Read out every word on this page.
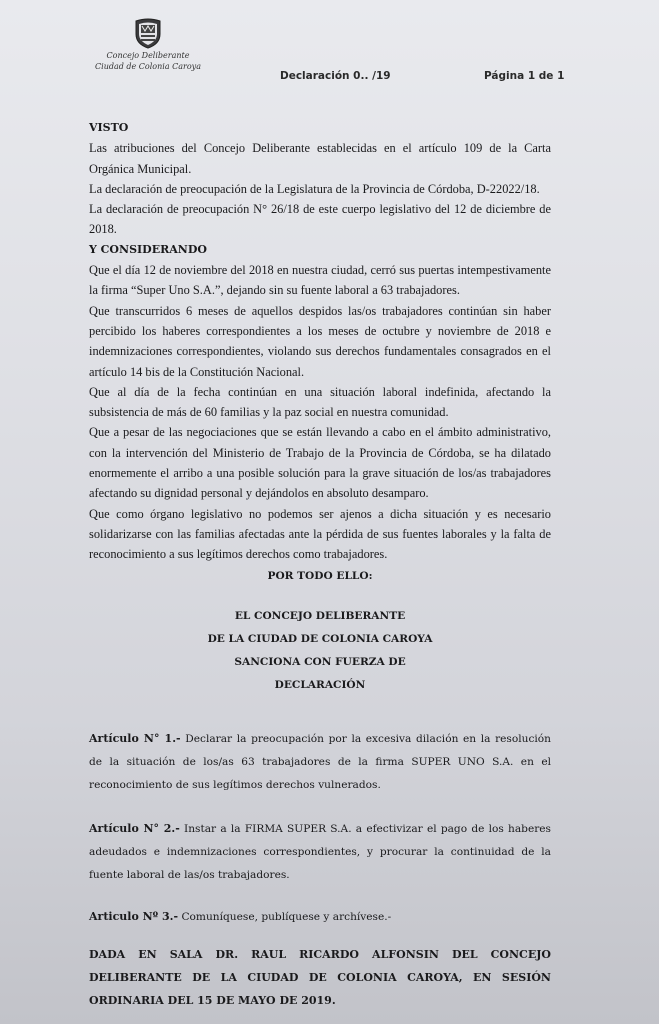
Concejo Deliberante
Ciudad de Colonia Caroya
Declaración 0.. /19	Página 1 de 1
VISTO

Las atribuciones del Concejo Deliberante establecidas en el artículo 109 de la Carta Orgánica Municipal.

La declaración de preocupación de la Legislatura de la Provincia de Córdoba, D-22022/18.

La declaración de preocupación N° 26/18 de este cuerpo legislativo del 12 de diciembre de 2018.

Y CONSIDERANDO

Que el día 12 de noviembre del 2018 en nuestra ciudad, cerró sus puertas intempestivamente la firma “Super Uno S.A.”, dejando sin su fuente laboral a 63 trabajadores.

Que transcurridos 6 meses de aquellos despidos las/os trabajadores continúan sin haber percibido los haberes correspondientes a los meses de octubre y noviembre de 2018 e indemnizaciones correspondientes, violando sus derechos fundamentales consagrados en el artículo 14 bis de la Constitución Nacional.

Que al día de la fecha continúan en una situación laboral indefinida, afectando la subsistencia de más de 60 familias y la paz social en nuestra comunidad.

Que a pesar de las negociaciones que se están llevando a cabo en el ámbito administrativo, con la intervención del Ministerio de Trabajo de la Provincia de Córdoba, se ha dilatado enormemente el arribo a una posible solución para la grave situación de los/as trabajadores afectando su dignidad personal y dejándolos en absoluto desamparo.

Que como órgano legislativo no podemos ser ajenos a dicha situación y es necesario solidarizarse con las familias afectadas ante la pérdida de sus fuentes laborales y la falta de reconocimiento a sus legítimos derechos como trabajadores.

POR TODO ELLO:
EL CONCEJO DELIBERANTE
DE LA CIUDAD DE COLONIA CAROYA
SANCIONA CON FUERZA DE
DECLARACIÓN

Artículo N° 1.- Declarar la preocupación por la excesiva dilación en la resolución de la situación de los/as 63 trabajadores de la firma SUPER UNO S.A. en el reconocimiento de sus legítimos derechos vulnerados.

Artículo N° 2.- Instar a la FIRMA SUPER S.A. a efectivizar el pago de los haberes adeudados e indemnizaciones correspondientes, y procurar la continuidad de la fuente laboral de las/os trabajadores.

Articulo Nº 3.- Comuníquese, publíquese y archívese.-

DADA EN SALA DR. RAUL RICARDO ALFONSIN DEL CONCEJO DELIBERANTE DE LA CIUDAD DE COLONIA CAROYA, EN SESIÓN ORDINARIA DEL 15 DE MAYO DE 2019.
